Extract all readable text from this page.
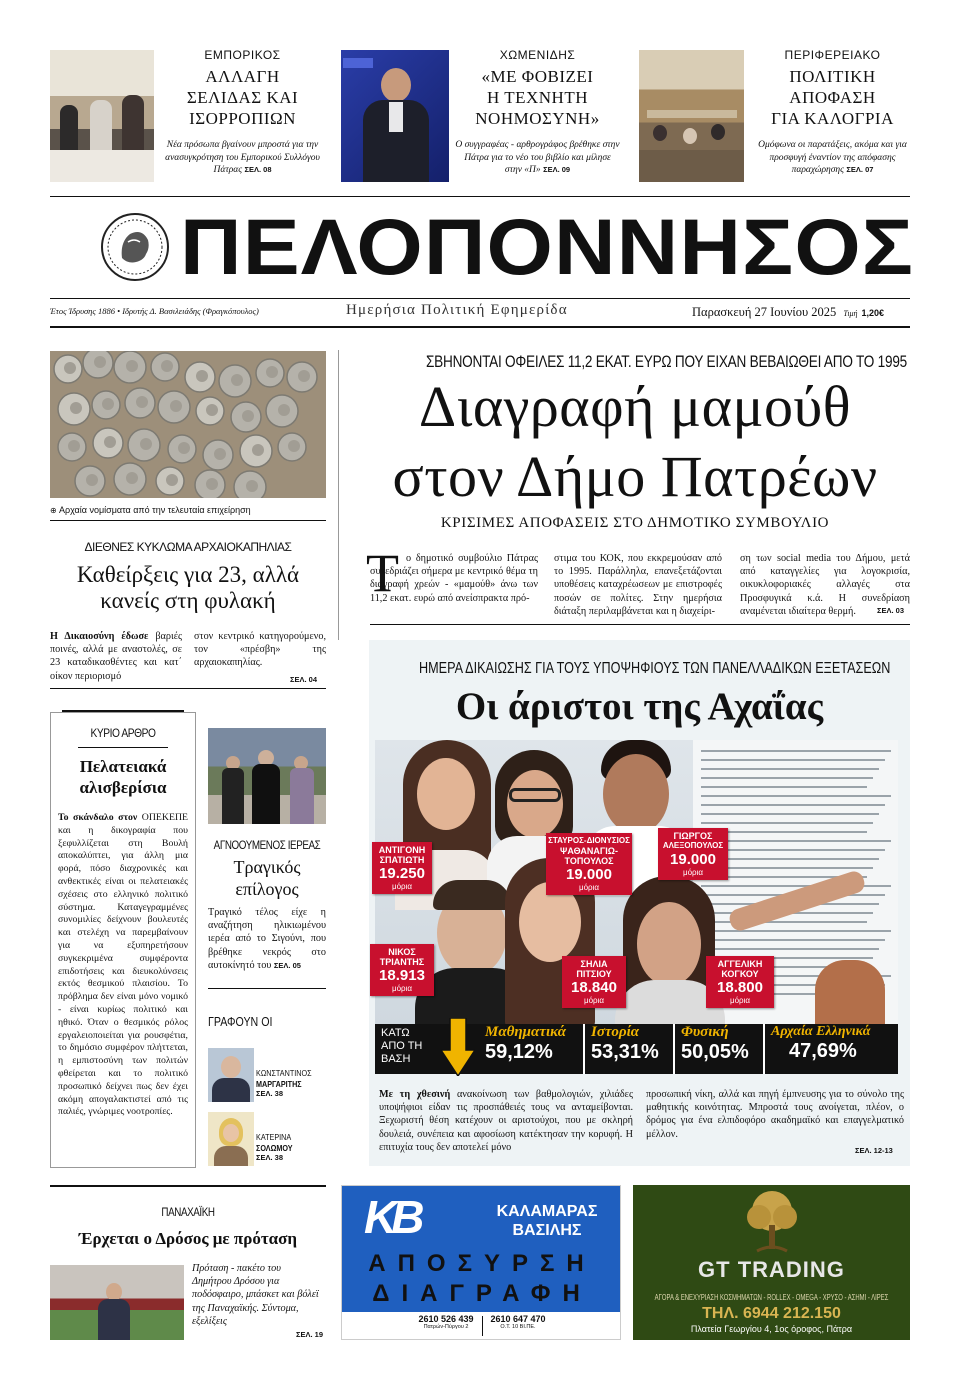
ΕΜΠΟΡΙΚΟΣ
ΑΛΛΑΓΗ
ΣΕΛΙΔΑΣ ΚΑΙ
ΙΣΟΡΡΟΠΙΩΝ
Νέα πρόσωπα βγαίνουν μπροστά για την ανασυγκρότηση του Εμπορικού Συλλόγου Πάτρας ΣΕΛ. 08
ΧΩΜΕΝΙΔΗΣ
«ΜΕ ΦΟΒΙΖΕΙ
Η ΤΕΧΝΗΤΗ
ΝΟΗΜΟΣΥΝΗ»
Ο συγγραφέας - αρθρογράφος βρέθηκε στην Πάτρα για το νέο του βιβλίο και μίλησε στην «Π» ΣΕΛ. 09
ΠΕΡΙΦΕΡΕΙΑΚΟ
ΠΟΛΙΤΙΚΗ
ΑΠΟΦΑΣΗ
ΓΙΑ ΚΑΛΟΓΡΙΑ
Ομόφωνα οι παρατάξεις, ακόμα και για προσφυγή έναντίον της απόφασης παραχώρησης ΣΕΛ. 07
ΠΕΛΟΠΟΝΝΗΣΟΣ
Έτος Ίδρυσης 1886 • Ιδρυτής Δ. Βασιλειάδης (Φραγκόπουλος)	Ημερήσια Πολιτική Εφημερίδα	Παρασκευή 27 Ιουνίου 2025 Τιμή 1,20€
⊕ Αρχαία νομίσματα από την τελευταία επιχείρηση
ΔΙΕΘΝΕΣ ΚΥΚΛΩΜΑ ΑΡΧΑΙΟΚΑΠΗΛΙΑΣ
Καθείρξεις για 23, αλλά
κανείς στη φυλακή
Η Δικαιοσύνη έδωσε βαριές ποινές, αλλά με αναστολές, σε 23 καταδικασθέντες και κατ΄ οίκον περιορισμό
στον κεντρικό κατηγορούμενο, τον «πρέσβη» της αρχαιοκαπηλίας.
ΣΕΛ. 04
ΣΒΗΝΟΝΤΑΙ ΟΦΕΙΛΕΣ 11,2 ΕΚΑΤ. ΕΥΡΩ ΠΟΥ ΕΙΧΑΝ ΒΕΒΑΙΩΘΕΙ ΑΠΟ ΤΟ 1995
Διαγραφή μαμούθ
στον Δήμο Πατρέων
ΚΡΙΣΙΜΕΣ ΑΠΟΦΑΣΕΙΣ ΣΤΟ ΔΗΜΟΤΙΚΟ ΣΥΜΒΟΥΛΙΟ
Τ ο δημοτικό συμβούλιο Πάτρας συνεδριάζει σήμερα με κεντρικό θέμα τη διαγραφή χρεών - «μαμούθ» άνω των 11,2 εκατ. ευρώ από ανείσπρακτα πρό-
στιμα του ΚΟΚ, που εκκρεμούσαν από το 1995. Παράλληλα, επανεξετάζονται υποθέσεις καταχρέωσεων με επιστροφές ποσών σε πολίτες. Στην ημερήσια διάταξη περιλαμβάνεται και η διαχείρι-
ση των social media του Δήμου, μετά από καταγγελίες για λογοκρισία, οικυκλοφοριακές αλλαγές στα Προσφυγικά κ.ά. Η συνεδρίαση αναμένεται ιδιαίτερα θερμή.	ΣΕΛ. 03
ΚΥΡΙΟ ΑΡΘΡΟ
Πελατειακά
αλισβερίσια
Το σκάνδαλο στον ΟΠΕΚΕΠΕ και η δικογραφία που ξεφυλλίζεται στη Βουλή αποκαλύπτει, για άλλη μια φορά, πόσο διαχρονικές και ανθεκτικές είναι οι πελατειακές σχέσεις στο ελληνικό πολιτικό σύστημα. Καταγεγραμμένες συνομιλίες δείχνουν βουλευτές και στελέχη να παρεμβαίνουν για να εξυπηρετήσουν συγκεκριμένα συμφέροντα επιδοτήσεις και διευκολύνσεις εκτός θεσμικού πλαισίου. Το πρόβλημα δεν είναι μόνο νομικό - είναι κυρίως πολιτικό και ηθικό. Όταν ο θεσμικός ρόλος εργαλειοποιείται για ρουσφέτια, το δημόσιο συμφέρον πλήττεται, η εμπιστοσύνη των πολιτών φθείρεται και το πολιτικό προσωπικό δείχνει πως δεν έχει ακόμη απογαλακτιστεί από τις παλιές, γνώριμες νοοτροπίες.
ΑΓΝΟΟΥΜΕΝΟΣ ΙΕΡΕΑΣ
Τραγικός
επίλογος
Τραγικό τέλος είχε η αναζήτηση ηλικιωμένου ιερέα από το Σιγούνι, που βρέθηκε νεκρός στο αυτοκίνητό του ΣΕΛ. 05
ΓΡΑΦΟΥΝ ΟΙ
ΚΩΝΣΤΑΝΤΙΝΟΣ
ΜΑΡΓΑΡΙΤΗΣ
ΣΕΛ. 38
ΚΑΤΕΡΙΝΑ
ΣΟΛΩΜΟΥ
ΣΕΛ. 38
ΗΜΕΡΑ ΔΙΚΑΙΩΣΗΣ ΓΙΑ ΤΟΥΣ ΥΠΟΨΗΦΙΟΥΣ ΤΩΝ ΠΑΝΕΛΛΑΔΙΚΩΝ ΕΞΕΤΑΣΕΩΝ
Οι άριστοι της Αχαΐας
ΑΝΤΙΓΟΝΗ
ΣΠΑΤΙΩΤΗ
19.250
μόρια
ΣΤΑΥΡΟΣ-ΔΙΟΝΥΣΙΟΣ
ΨΑΘΑΝΑΓΙΩ-
ΤΟΠΟΥΛΟΣ
19.000
μόρια
ΓΙΩΡΓΟΣ
ΑΛΕΞΟΠΟΥΛΟΣ
19.000
μόρια
ΝΙΚΟΣ
ΤΡΙΑΝΤΗΣ
18.913
μόρια
ΣΗΛΙΑ
ΠΙΤΣΙΟΥ
18.840
μόρια
ΑΓΓΕΛΙΚΗ
ΚΟΓΚΟΥ
18.800
μόρια
ΚΑΤΩ
ΑΠΟ ΤΗ
ΒΑΣΗ
Μαθηματικά
59,12%
Ιστορία
53,31%
Φυσική
50,05%
Αρχαία Ελληνικά
47,69%
Με τη χθεσινή ανακοίνωση των βαθμολογιών, χιλιάδες υποψήφιοι είδαν τις προσπάθειές τους να ανταμείβονται. Ξεχωριστή θέση κατέχουν οι αριστούχοι, που με σκληρή δουλειά, συνέπεια και αφοσίωση κατέκτησαν την κορυφή. Η επιτυχία τους δεν αποτελεί μόνο
προσωπική νίκη, αλλά και πηγή έμπνευσης για το σύνολο της μαθητικής κοινότητας. Μπροστά τους ανοίγεται, πλέον, ο δρόμος για ένα ελπιδοφόρο ακαδημαϊκό και επαγγελματικό μέλλον.
ΣΕΛ. 12-13
ΠΑΝΑΧΑΪΚΗ
Έρχεται ο Δρόσος με πρόταση
Πρόταση - πακέτο του Δημήτρου Δρόσου για ποδόσφαιρο, μπάσκετ και βόλεϊ της Παναχαϊκής. Σύντομα, εξελίξεις
ΣΕΛ. 19
ΚΒ	ΚΑΛΑΜΑΡΑΣ
ΒΑΣΙΛΗΣ
ΑΠΟΣΥΡΣΗ
ΔΙΑΓΡΑΦΗ
2610 526 439
Πατρών-Πύργου 2
2610 647 470
Ο.Τ. 10 ΒΙ.ΠΕ.
GT TRADING
ΑΓΟΡΑ & ΕΝΕΧΥΡΙΑΣΗ ΚΟΣΜΗΜΑΤΩΝ - ROLLEX - OMEGA - ΧΡΥΣΟ - ΑΣΗΜΙ - ΛΙΡΕΣ
ΤΗΛ. 6944 212.150
Πλατεία Γεωργίου 4, 1ος όροφος, Πάτρα
